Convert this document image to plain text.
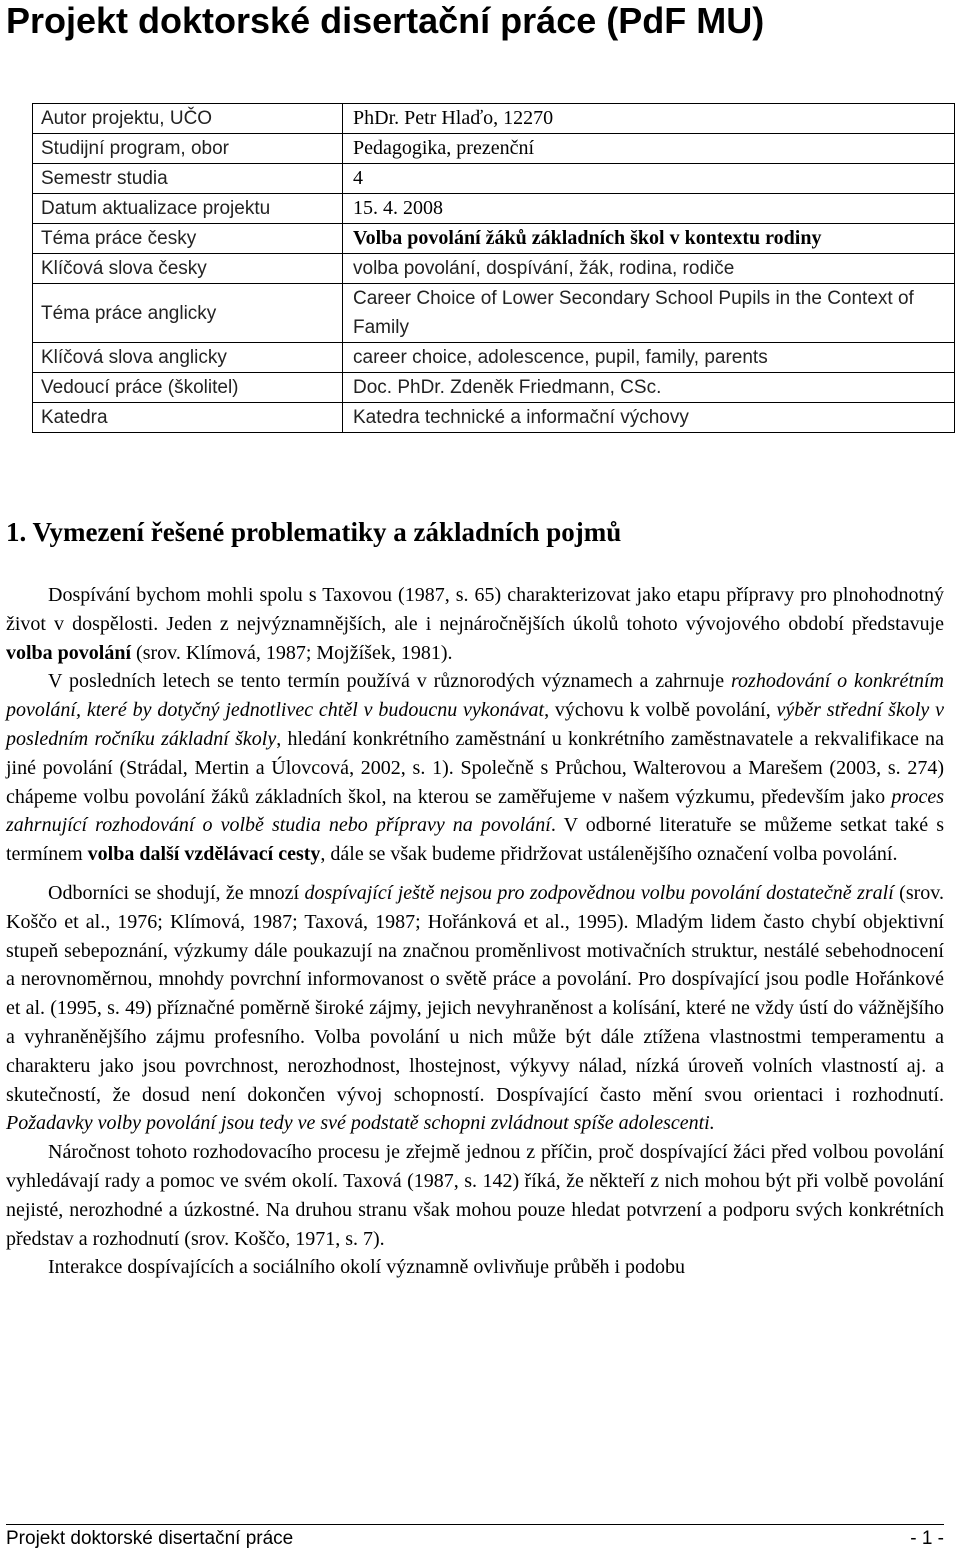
Projekt doktorské disertační práce (PdF MU)
Autor projektu, UČO	PhDr. Petr Hlaďo, 12270
Studijní program, obor	Pedagogika, prezenční
Semestr studia	4
Datum aktualizace projektu	15. 4. 2008
Téma práce česky	Volba povolání žáků základních škol v kontextu rodiny
Klíčová slova česky	volba povolání, dospívání, žák, rodina, rodiče
Téma práce anglicky	Career Choice of Lower Secondary School Pupils in the Context of Family
Klíčová slova anglicky	career choice, adolescence, pupil, family, parents
Vedoucí práce (školitel)	Doc. PhDr. Zdeněk Friedmann, CSc.
Katedra	Katedra technické a informační výchovy
1. Vymezení řešené problematiky a základních pojmů

Dospívání bychom mohli spolu s Taxovou (1987, s. 65) charakterizovat jako etapu přípravy pro plnohodnotný život v dospělosti. Jeden z nejvýznamnějších, ale i nejnáročnějších úkolů tohoto vývojového období představuje volba povolání (srov. Klímová, 1987; Mojžíšek, 1981).

V posledních letech se tento termín používá v různorodých významech a zahrnuje rozhodování o konkrétním povolání, které by dotyčný jednotlivec chtěl v budoucnu vykonávat, výchovu k volbě povolání, výběr střední školy v posledním ročníku základní školy, hledání konkrétního zaměstnání u konkrétního zaměstnavatele a rekvalifikace na jiné povolání (Strádal, Mertin a Úlovcová, 2002, s. 1). Společně s Průchou, Walterovou a Marešem (2003, s. 274) chápeme volbu povolání žáků základních škol, na kterou se zaměřujeme v našem výzkumu, především jako proces zahrnující rozhodování o volbě studia nebo přípravy na povolání. V odborné literatuře se můžeme setkat také s termínem volba další vzdělávací cesty, dále se však budeme přidržovat ustálenějšího označení volba povolání.

Odborníci se shodují, že mnozí dospívající ještě nejsou pro zodpovědnou volbu povolání dostatečně zralí (srov. Koščo et al., 1976; Klímová, 1987; Taxová, 1987; Hořánková et al., 1995). Mladým lidem často chybí objektivní stupeň sebepoznání, výzkumy dále poukazují na značnou proměnlivost motivačních struktur, nestálé sebehodnocení a nerovnoměrnou, mnohdy povrchní informovanost o světě práce a povolání. Pro dospívající jsou podle Hořánkové et al. (1995, s. 49) příznačné poměrně široké zájmy, jejich nevyhraněnost a kolísání, které ne vždy ústí do vážnějšího a vyhraněnějšího zájmu profesního. Volba povolání u nich může být dále ztížena vlastnostmi temperamentu a charakteru jako jsou povrchnost, nerozhodnost, lhostejnost, výkyvy nálad, nízká úroveň volních vlastností aj. a skutečností, že dosud není dokončen vývoj schopností. Dospívající často mění svou orientaci i rozhodnutí. Požadavky volby povolání jsou tedy ve své podstatě schopni zvládnout spíše adolescenti.

Náročnost tohoto rozhodovacího procesu je zřejmě jednou z příčin, proč dospívající žáci před volbou povolání vyhledávají rady a pomoc ve svém okolí. Taxová (1987, s. 142) říká, že někteří z nich mohou být při volbě povolání nejisté, nerozhodné a úzkostné. Na druhou stranu však mohou pouze hledat potvrzení a podporu svých konkrétních představ a rozhodnutí (srov. Koščo, 1971, s. 7).

Interakce dospívajících a sociálního okolí významně ovlivňuje průběh i podobu

Projekt doktorské disertační práce	- 1 -
